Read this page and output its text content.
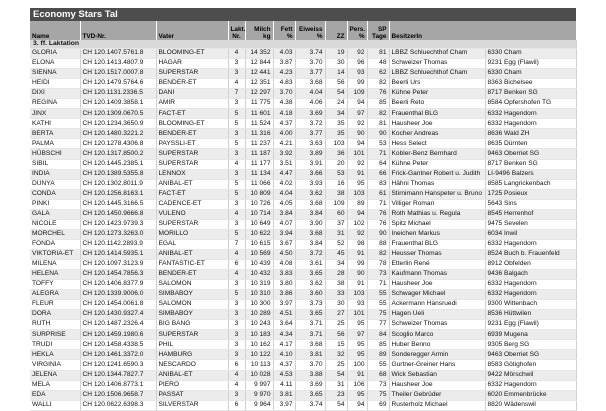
Economy Stars Tal
Name	TVD-Nr.	Vater	Lakt. Nr.	Milch kg	Fett %	Eiweiss %	ZZ	Pers. %	SP Tage	BesitzerIn	
3. ff. Laktation											
GLORIA	CH 120.1407.5761.8	BLOOMING-ET	4	14 352	4.03	3.74	19	92	81	LBBZ Schluechthof Cham	6330 Cham
ELONA	CH 120.1413.4807.9	HÄGAR	3	12 844	3.87	3.70	30	96	48	Schweizer Thomas	9231 Egg (Flawil)
SIENNA	CH 120.1517.0007.8	SUPERSTAR	3	12 441	4.23	3.77	14	93	62	LBBZ Schluechthof Cham	6330 Cham
HEIDI	CH 120.1479.5764.6	BENDER-ET	4	12 351	4.83	3.68	56	99	82	Beerli Urs	8363 Bichelsee
DIXI	CH 120.1131.2336.5	DANI	7	12 297	3.70	4.04	54	109	76	Kühne Peter	8717 Benken SG
REGINA	CH 120.1409.3858.1	AMIR	3	11 775	4.38	4.06	24	94	85	Beerli Reto	8584 Opfershofen TG
JINX	CH 120.1309.0670.5	FACT-ET	5	11 601	4.18	3.69	34	97	82	Frauenthal BLG	6332 Hagendorn
KATHI	CH 120.1234.3650.9	BLOOMING-ET	5	11 524	4.37	3.72	35	92	81	Hausheer Joe	6332 Hagendorn
BERTA	CH 120.1480.3221.2	BENDER-ET	3	11 316	4.00	3.77	35	90	90	Kocher Andreas	8636 Wald ZH
PALMA	CH 120.1278.4306.8	PAYSSLI-ET	5	11 237	4.21	3.63	103	94	53	Hess Select	8635 Dürnten
HÜBSCHI	CH 120.1317.8500.2	SUPERSTAR	3	11 187	3.92	3.89	36	101	71	Kobler-Benz Bernhard	9463 Oberriet SG
SIBIL	CH 120.1445.2385.1	SUPERSTAR	4	11 177	3.51	3.91	20	92	64	Kühne Peter	8717 Benken SG
INDIA	CH 120.1389.5355.8	LENNOX	3	11 134	4.47	3.66	53	91	66	Frick-Gantner Robert u. Judith	LI-9496 Balzers
DUNYA	CH 120.1302.8011.9	ANIBAL-ET	5	11 066	4.02	3.93	16	95	83	Hähni Thomas	8585 Langrickenbach
CONDA	CH 120.1256.8163.1	FACT-ET	5	10 809	4.04	3.62	38	103	61	Stirnimann Hanspeter u. Bruno	1725 Posieux
PINKI	CH 120.1445.3166.5	CADENCE-ET	3	10 726	4.05	3.68	109	89	71	Villiger Roman	5643 Sins
GALA	CH 120.1450.9666.8	VULENO	4	10 714	3.84	3.84	60	94	76	Roth Mathias u. Regula	8545 Herrenhof
NICOLE	CH 120.1423.9739.3	SUPERSTAR	3	10 649	4.07	3.90	37	102	76	Spitz Michael	9475 Sevelen
MORCHEL	CH 120.1273.3263.0	MORILLO	5	10 622	3.94	3.68	31	92	90	Ineichen Markus	6034 Inwil
FONDA	CH 120.1142.2893.9	EGAL	7	10 615	3.67	3.84	52	98	88	Frauenthal BLG	6332 Hagendorn
VIKTORIA-ET	CH 120.1414.5935.1	ANIBAL-ET	4	10 569	4.50	3.72	45	91	82	Heusser Thomas	8524 Buch b. Frauenfeld
MILENA	CH 120.1097.3123.9	FANTASTIC-ET	6	10 439	4.08	3.61	34	99	78	Etterlin René	8912 Obfelden
HELENA	CH 120.1454.7856.3	BENDER-ET	4	10 432	3.83	3.65	28	90	73	Kaufmann Thomas	9436 Balgach
TOFFY	CH 120.1406.8377.9	SALOMON	3	10 319	3.80	3.62	38	91	71	Hausheer Joe	6332 Hagendorn
ALEGRA	CH 120.1339.9006.0	SIMBABOY	5	10 310	3.86	3.60	33	103	55	Schwager Michael	6332 Hagendorn
FLEUR	CH 120.1454.0061.8	SALOMON	3	10 300	3.97	3.73	30	93	55	Ackermann Hansruedi	9300 Wittenbach
DORA	CH 120.1430.9327.4	SIMBABOY	3	10 289	4.51	3.65	27	101	75	Hagen Ueli	8536 Hüttwilen
RUTH	CH 120.1487.2326.4	BIG BANG	3	10 243	3.64	3.71	25	95	77	Schweizer Thomas	9231 Egg (Flawil)
SURPRISE	CH 120.1459.1980.6	SUPERSTAR	3	10 183	4.34	3.71	56	97	84	Scoglio Marco	6939 Mugena
TRUDI	CH 120.1458.4338.5	PHIL	3	10 162	4.17	3.68	15	95	85	Huber Benno	9305 Berg SG
HEKLA	CH 120.1461.3372.0	HAMBURG	3	10 122	4.10	3.81	32	95	89	Sonderegger Armin	9463 Oberriet SG
VIRGINIA	CH 120.1241.6590.3	NESCARDO	6	10 113	4.37	3.70	25	100	55	Gurtner-Greiner Hans	8583 Götighofen
JELENA	CH 120.1344.7827.7	ANIBAL-ET	4	10 028	4.53	3.88	54	91	68	Wick Sebastian	9422 Mörschwil
MELA	CH 120.1406.8773.1	PIERO	4	9 997	4.11	3.69	31	106	73	Hausheer Joe	6332 Hagendorn
EDA	CH 120.1506.9658.7	PASSAT	3	9 970	3.81	3.65	23	95	75	Theiler Gebrüder	6020 Emmenbrücke
WALLI	CH 120.0622.6398.3	SILVERSTAR	6	9 964	3.97	3.74	54	94	69	Rusterholz Michael	8820 Wädenswil
